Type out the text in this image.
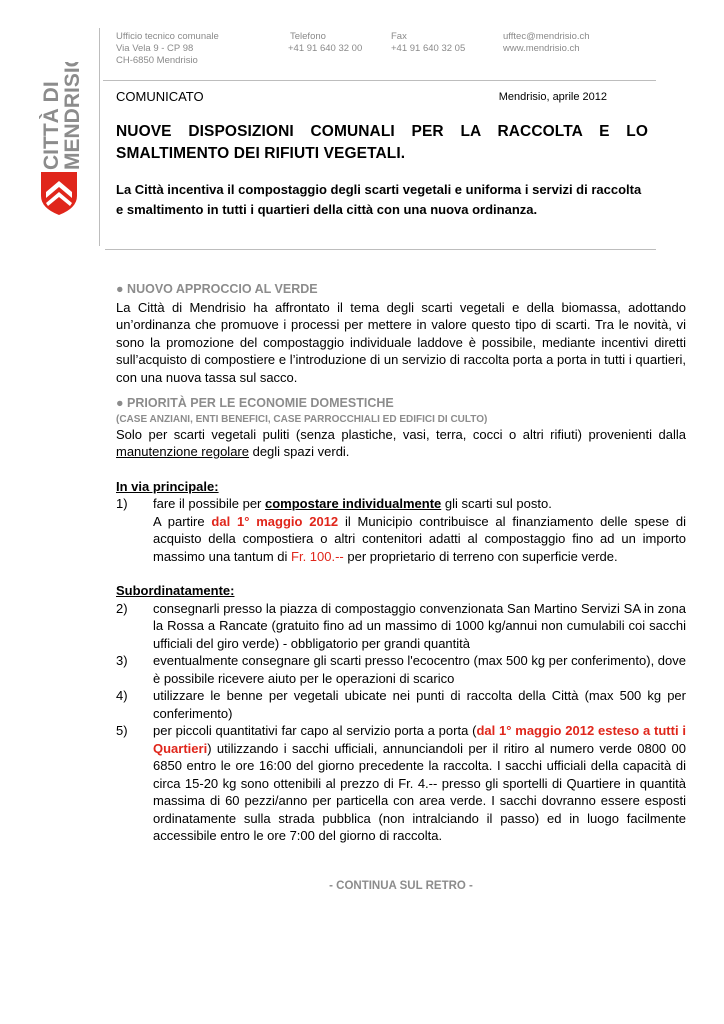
Ufficio tecnico comunale
Via Vela 9 - CP 98
CH-6850 Mendrisio
Telefono
+41 91 640 32 00
Fax
+41 91 640 32 05
ufftec@mendrisio.ch
www.mendrisio.ch
CITTÀ DI
MENDRISIO COMUNICATO	Mendrisio, aprile 2012
NUOVE DISPOSIZIONI COMUNALI PER LA RACCOLTA E LO SMALTIMENTO DEI RIFIUTI VEGETALI.

La Città incentiva il compostaggio degli scarti vegetali e uniforma i servizi di raccolta e smaltimento in tutti i quartieri della città con una nuova ordinanza.

● NUOVO APPROCCIO AL VERDE

La Città di Mendrisio ha affrontato il tema degli scarti vegetali e della biomassa, adottando un’ordinanza che promuove i processi per mettere in valore questo tipo di scarti. Tra le novità, vi sono la promozione del compostaggio individuale laddove è possibile, mediante incentivi diretti sull’acquisto di compostiere e l’introduzione di un servizio di raccolta porta a porta in tutti i quartieri, con una nuova tassa sul sacco.

● PRIORITÀ PER LE ECONOMIE DOMESTICHE
(CASE ANZIANI, ENTI BENEFICI, CASE PARROCCHIALI ED EDIFICI DI CULTO)

Solo per scarti vegetali puliti (senza plastiche, vasi, terra, cocci o altri rifiuti) provenienti dalla manutenzione regolare degli spazi verdi.

In via principale:
1)	fare il possibile per compostare individualmente gli scarti sul posto.
A partire dal 1° maggio 2012 il Municipio contribuisce al finanziamento delle spese di acquisto della compostiera o altri contenitori adatti al compostaggio fino ad un importo massimo una tantum di Fr. 100.-- per proprietario di terreno con superficie verde.
Subordinatamente:
2)	consegnarli presso la piazza di compostaggio convenzionata San Martino Servizi SA in zona la Rossa a Rancate (gratuito fino ad un massimo di 1000 kg/annui non cumulabili coi sacchi ufficiali del giro verde) - obbligatorio per grandi quantità
3)	eventualmente consegnare gli scarti presso l'ecocentro (max 500 kg per conferimento), dove è possibile ricevere aiuto per le operazioni di scarico
4)	utilizzare le benne per vegetali ubicate nei punti di raccolta della Città (max 500 kg per conferimento)
5)	per piccoli quantitativi far capo al servizio porta a porta (dal 1° maggio 2012 esteso a tutti i Quartieri) utilizzando i sacchi ufficiali, annunciandoli per il ritiro al numero verde 0800 00 6850 entro le ore 16:00 del giorno precedente la raccolta. I sacchi ufficiali della capacità di circa 15-20 kg sono ottenibili al prezzo di Fr. 4.-- presso gli sportelli di Quartiere in quantità massima di 60 pezzi/anno per particella con area verde. I sacchi dovranno essere esposti ordinatamente sulla strada pubblica (non intralciando il passo) ed in luogo facilmente accessibile entro le ore 7:00 del giorno di raccolta.
- CONTINUA SUL RETRO -
